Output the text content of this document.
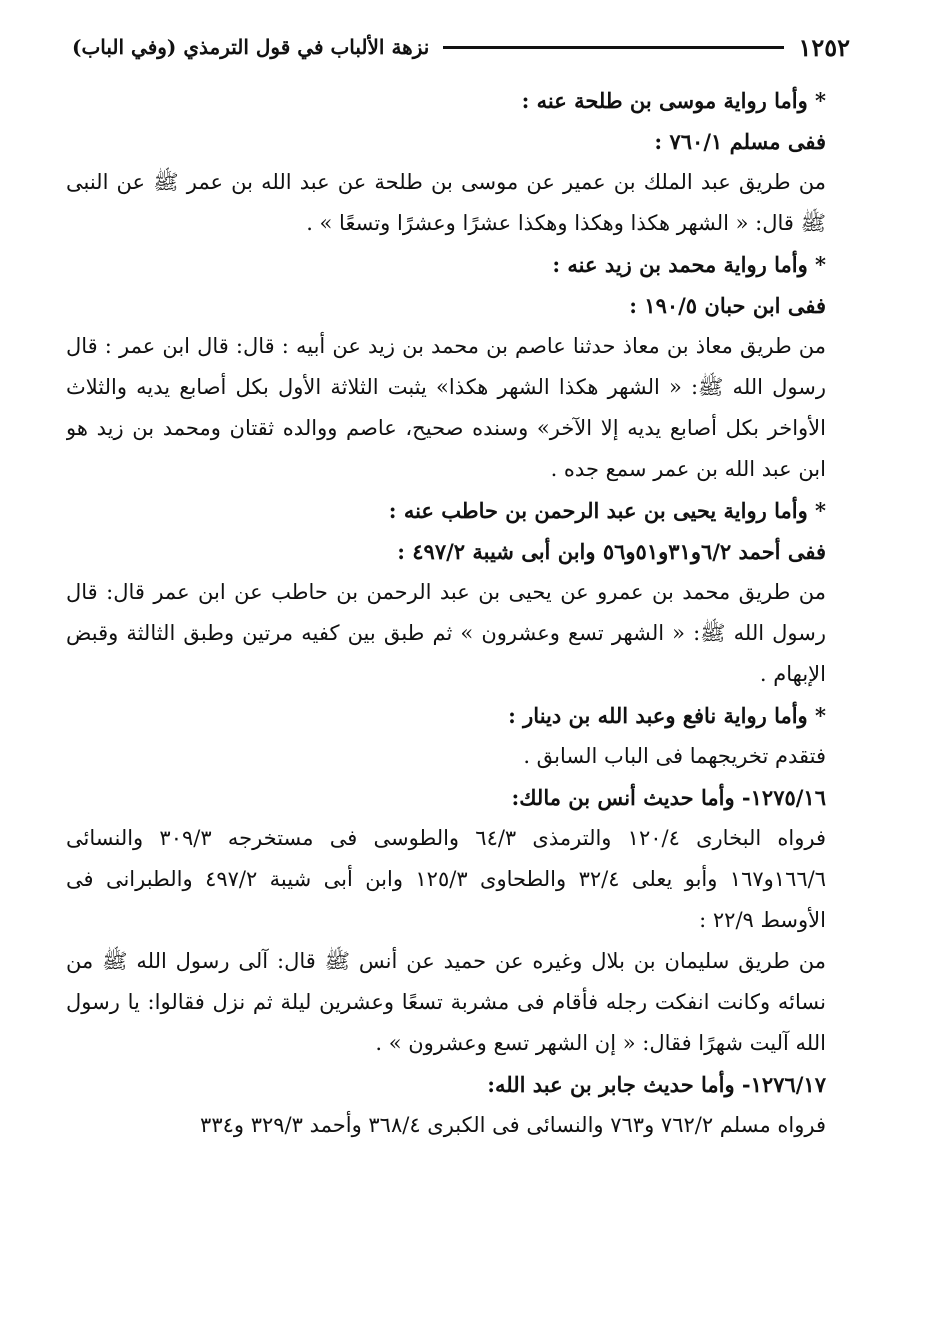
١٢٥٢
نزهة الألباب في قول الترمذي (وفي الباب)

* وأما رواية موسى بن طلحة عنه :

ففى مسلم ٧٦٠/١ :

من طريق عبد الملك بن عمير عن موسى بن طلحة عن عبد الله بن عمر ﷺ عن النبى ﷺ قال: « الشهر هكذا وهكذا وهكذا عشرًا وعشرًا وتسعًا » .

* وأما رواية محمد بن زيد عنه :

ففى ابن حبان ١٩٠/٥ :

من طريق معاذ بن معاذ حدثنا عاصم بن محمد بن زيد عن أبيه : قال: قال ابن عمر : قال رسول الله ﷺ: « الشهر هكذا الشهر هكذا» يثبت الثلاثة الأول بكل أصابع يديه والثلاث الأواخر بكل أصابع يديه إلا الآخر» وسنده صحيح، عاصم ووالده ثقتان ومحمد بن زيد هو ابن عبد الله بن عمر سمع جده .

* وأما رواية يحيى بن عبد الرحمن بن حاطب عنه :

ففى أحمد ٦/٢و٣١و٥١و٥٦ وابن أبى شيبة ٤٩٧/٢ :

من طريق محمد بن عمرو عن يحيى بن عبد الرحمن بن حاطب عن ابن عمر قال: قال رسول الله ﷺ: « الشهر تسع وعشرون » ثم طبق بين كفيه مرتين وطبق الثالثة وقبض الإبهام .

* وأما رواية نافع وعبد الله بن دينار :

فتقدم تخريجهما فى الباب السابق .

١٢٧٥/١٦- وأما حديث أنس بن مالك:

فرواه البخارى ١٢٠/٤ والترمذى ٦٤/٣ والطوسى فى مستخرجه ٣٠٩/٣ والنسائى ١٦٦/٦و١٦٧ وأبو يعلى ٣٢/٤ والطحاوى ١٢٥/٣ وابن أبى شيبة ٤٩٧/٢ والطبرانى فى الأوسط ٢٢/٩ :

من طريق سليمان بن بلال وغيره عن حميد عن أنس ﷺ قال: آلى رسول الله ﷺ من نسائه وكانت انفكت رجله فأقام فى مشربة تسعًا وعشرين ليلة ثم نزل فقالوا: يا رسول الله آليت شهرًا فقال: « إن الشهر تسع وعشرون » .

١٢٧٦/١٧- وأما حديث جابر بن عبد الله:

فرواه مسلم ٧٦٢/٢ و٧٦٣ والنسائى فى الكبرى ٣٦٨/٤ وأحمد ٣٢٩/٣ و٣٣٤
